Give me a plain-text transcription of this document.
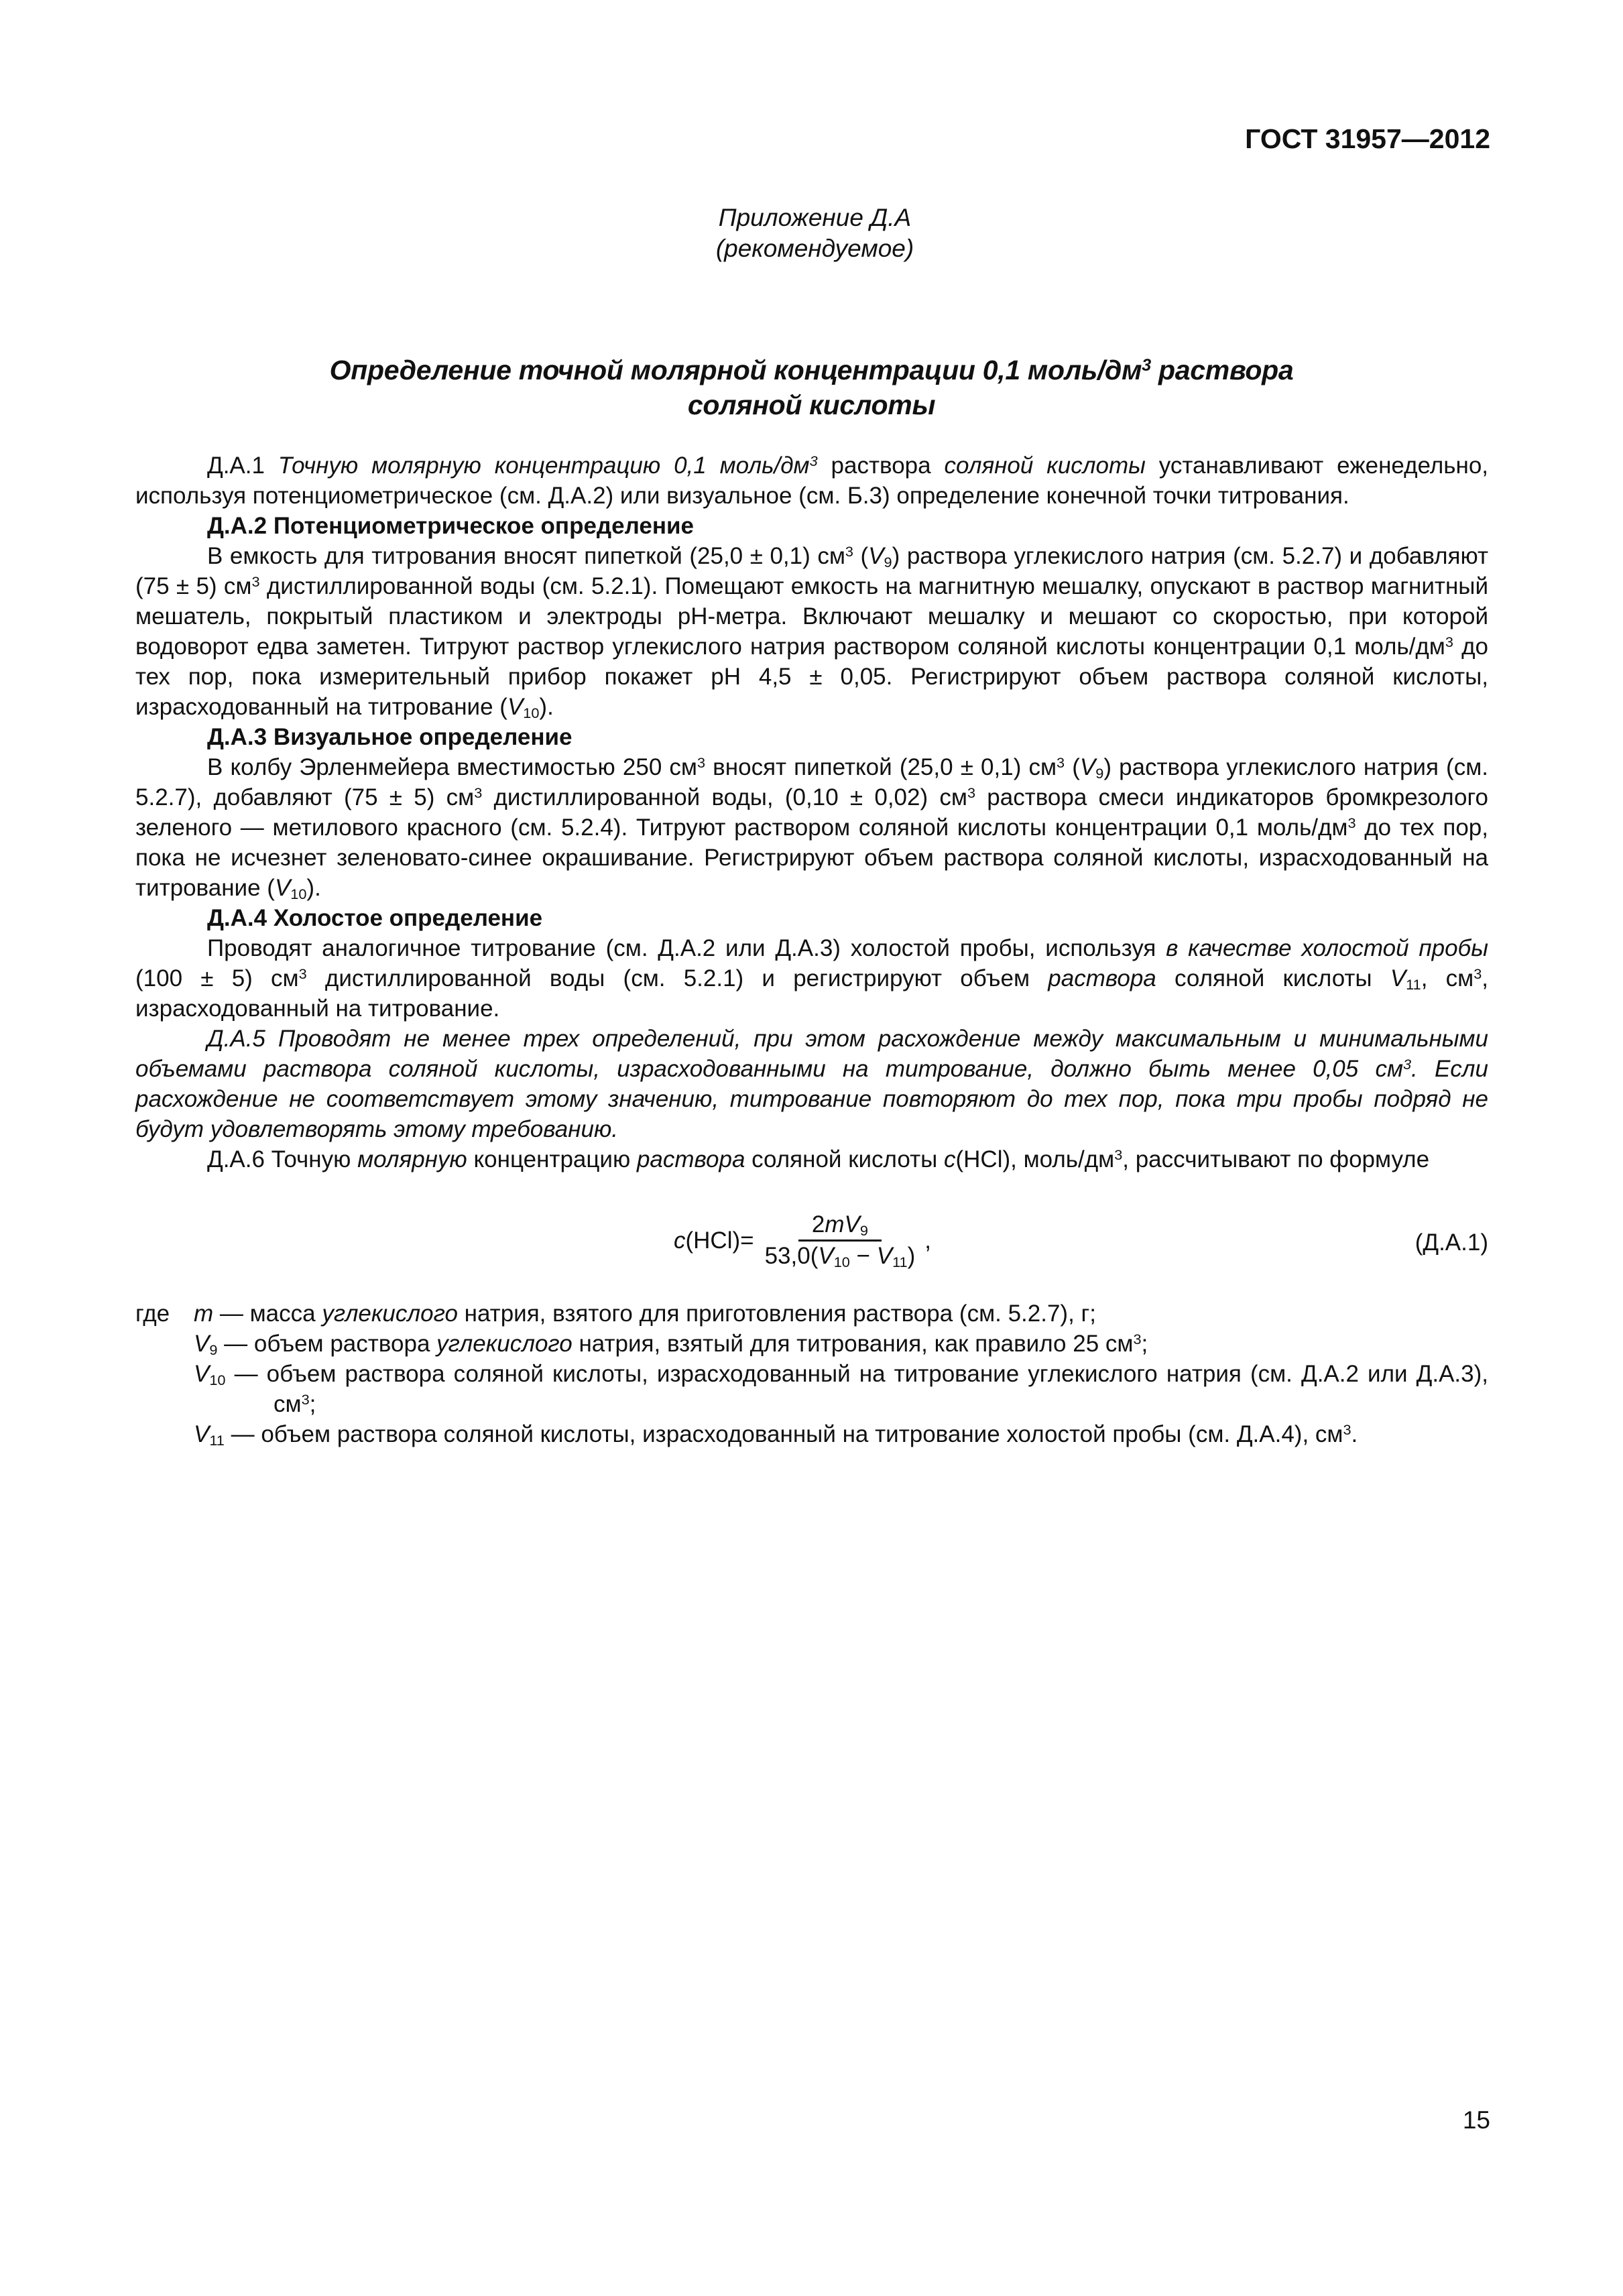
ГОСТ 31957—2012
Приложение Д.А
(рекомендуемое)
Определение точной молярной концентрации 0,1 моль/$дм^3$ раствора
соляной кислоты

Д.А.1 Точную молярную концентрацию 0,1 моль/$дм^3$ раствора соляной кислоты устанавливают еженедельно, используя потенциометрическое (см. Д.А.2) или визуальное (см. Б.3) определение конечной точки титрования.

Д.А.2 Потенциометрическое определение

В емкость для титрования вносят пипеткой (25,0 ± 0,1) $см^3$ $(V_9)$ раствора углекислого натрия (см. 5.2.7) и добавляют (75 ± 5) $см^3$ дистиллированной воды (см. 5.2.1). Помещают емкость на магнитную мешалку, опускают в раствор магнитный мешатель, покрытый пластиком и электроды pH-метра. Включают мешалку и мешают со скоростью, при которой водоворот едва заметен. Титруют раствор углекислого натрия раствором соляной кислоты концентрации 0,1 моль/$дм^3$ до тех пор, пока измерительный прибор покажет pH 4,5 ± 0,05. Регистрируют объем раствора соляной кислоты, израсходованный на титрование $(V_{10})$.

Д.А.3 Визуальное определение

В колбу Эрленмейера вместимостью 250 $см^3$ вносят пипеткой (25,0 ± 0,1) $см^3$ $(V_9)$ раствора углекислого натрия (см. 5.2.7), добавляют (75 ± 5) $см^3$ дистиллированной воды, (0,10 ± 0,02) $см^3$ раствора смеси индикаторов бромкрезолого зеленого — метилового красного (см. 5.2.4). Титруют раствором соляной кислоты концентрации 0,1 моль/$дм^3$ до тех пор, пока не исчезнет зеленовато-синее окрашивание. Регистрируют объем раствора соляной кислоты, израсходованный на титрование $(V_{10})$.

Д.А.4 Холостое определение

Проводят аналогичное титрование (см. Д.А.2 или Д.А.3) холостой пробы, используя в качестве холостой пробы (100 ± 5) $см^3$ дистиллированной воды (см. 5.2.1) и регистрируют объем раствора соляной кислоты $V_{11}$, $см^3$, израсходованный на титрование.

Д.А.5 Проводят не менее трех определений, при этом расхождение между максимальным и минимальными объемами раствора соляной кислоты, израсходованными на титрование, должно быть менее 0,05 $см^3$. Если расхождение не соответствует этому значению, титрование повторяют до тех пор, пока три пробы подряд не будут удовлетворять этому требованию.

Д.А.6 Точную молярную концентрацию раствора соляной кислоты c(HCl), моль/$дм^3$, рассчитывают по формуле

$c(HCl)= \frac{2mV_9}{53,0(V_{10} - V_{11})}$ ,	(Д.А.1)
где m — масса углекислого натрия, взятого для приготовления раствора (см. 5.2.7), г;
$V_9$ — объем раствора углекислого натрия, взятый для титрования, как правило 25 $см^3$;
$V_{10}$ — объем раствора соляной кислоты, израсходованный на титрование углекислого натрия (см. Д.А.2 или Д.А.3), $см^3$;
$V_{11}$ — объем раствора соляной кислоты, израсходованный на титрование холостой пробы (см. Д.А.4), $см^3$.
15
